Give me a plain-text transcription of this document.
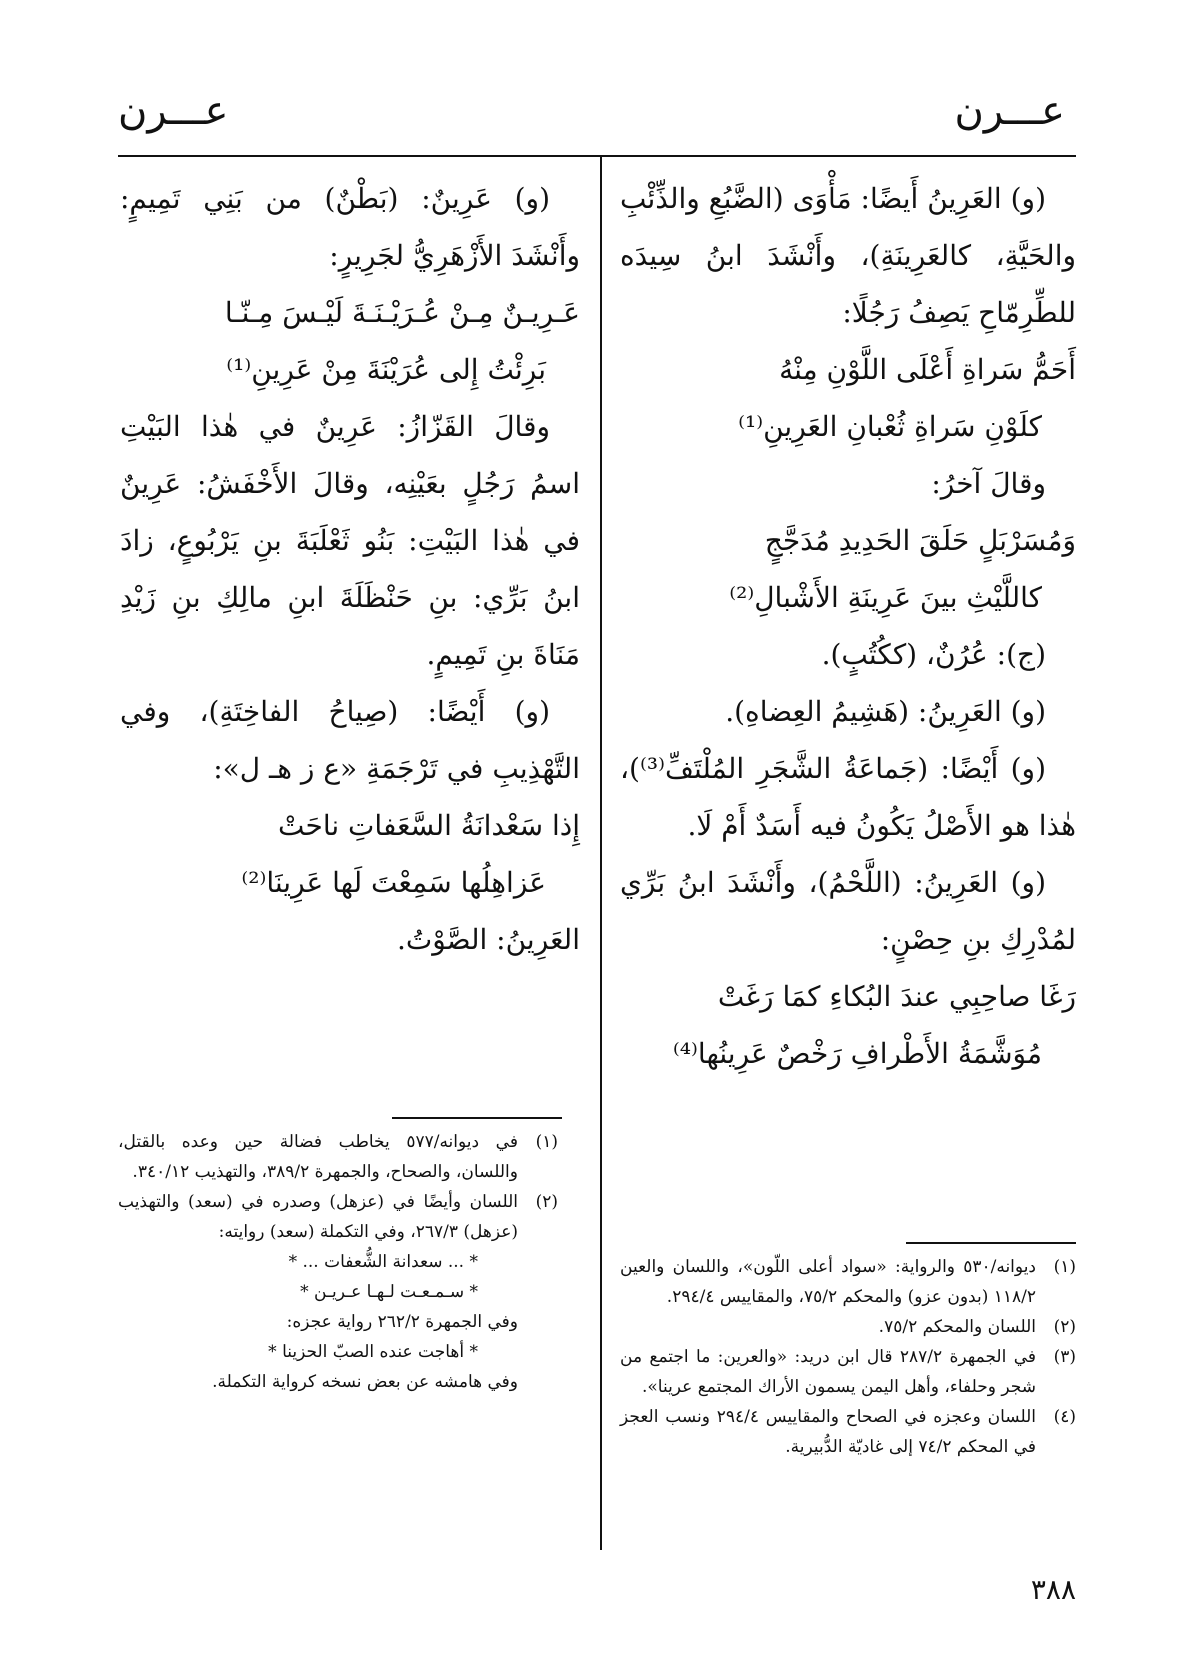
عـــرن	عـــرن

(و) العَرِينُ أَيضًا: مَأْوَى (الضَّبُعِ والذِّئْبِ والحَيَّةِ، كالعَرِينَةِ)، وأَنْشَدَ ابنُ سِيدَه للطِّرِمّاحِ يَصِفُ رَجُلًا:

أَحَمُّ سَراةِ أَعْلَى اللَّوْنِ مِنْهُ

كلَوْنِ سَراةِ ثُعْبانِ العَرِينِ⁽¹⁾

وقالَ آخرُ:

وَمُسَرْبَلٍ حَلَقَ الحَدِيدِ مُدَجَّجٍ

كاللَّيْثِ بينَ عَرِينَةِ الأَشْبالِ⁽²⁾

(ج): عُرُنٌ، (ككُتُبٍ).

(و) العَرِينُ: (هَشِيمُ العِضاهِ).

(و) أَيْضًا: (جَماعَةُ الشَّجَرِ المُلْتَفِّ⁽³⁾)، هٰذا هو الأَصْلُ يَكُونُ فيه أَسَدٌ أَمْ لَا.

(و) العَرِينُ: (اللَّحْمُ)، وأَنْشَدَ ابنُ بَرِّي لمُدْرِكِ بنِ حِصْنٍ:

رَغَا صاحِبِي عندَ البُكاءِ كمَا رَغَتْ

مُوَشَّمَةُ الأَطْرافِ رَخْصٌ عَرِينُها⁽⁴⁾

(و) عَرِينٌ: (بَطْنٌ) من بَنِي تَمِيمٍ: وأَنْشَدَ الأَزْهَرِيُّ لجَرِيرٍ:

عَـرِيـنٌ مِـنْ عُـرَيْـنَـةَ لَيْـسَ مِـنّـا

بَرِئْتُ إِلى عُرَيْنَةَ مِنْ عَرِينِ⁽¹⁾

وقالَ القَزّازُ: عَرِينٌ في هٰذا البَيْتِ اسمُ رَجُلٍ بعَيْنِه، وقالَ الأَخْفَشُ: عَرِينٌ في هٰذا البَيْتِ: بَنُو ثَعْلَبَةَ بنِ يَرْبُوعٍ، زادَ ابنُ بَرِّي: بنِ حَنْظَلَةَ ابنِ مالِكِ بنِ زَيْدِ مَنَاةَ بنِ تَمِيمٍ.

(و) أَيْضًا: (صِياحُ الفاخِتَةِ)، وفي التَّهْذِيبِ في تَرْجَمَةِ «ع ز هـ ل»:

إِذا سَعْدانَةُ السَّعَفاتِ ناحَتْ

عَزاهِلُها سَمِعْتَ لَها عَرِينَا⁽²⁾

العَرِينُ: الصَّوْتُ.

(١)
ديوانه/٥٣٠ والرواية: «سواد أعلى اللّون»، واللسان والعين ١١٨/٢ (بدون عزو) والمحكم ٧٥/٢، والمقاييس ٢٩٤/٤.
(٢)
اللسان والمحكم ٧٥/٢.
(٣)
في الجمهرة ٢٨٧/٢ قال ابن دريد: «والعرين: ما اجتمع من شجر وحلفاء، وأهل اليمن يسمون الأراك المجتمع عرينا».
(٤)
اللسان وعجزه في الصحاح والمقاييس ٢٩٤/٤ ونسب العجز في المحكم ٧٤/٢ إلى غاديّة الدُّبيرية.
(١)
في ديوانه/٥٧٧ يخاطب فضالة حين وعده بالقتل، واللسان، والصحاح، والجمهرة ٣٨٩/٢، والتهذيب ٣٤٠/١٢.
(٢)
اللسان وأيضًا في (عزهل) وصدره في (سعد) والتهذيب (عزهل) ٢٦٧/٣، وفي التكملة (سعد) روايته:

* ... سعدانة الشُّعفات ... *

* سـمـعـت لـهـا عـريـن *

وفي الجمهرة ٢٦٢/٢ رواية عجزه:

* أهاجت عنده الصبّ الحزينا *

وفي هامشه عن بعض نسخه كرواية التكملة.

٣٨٨
